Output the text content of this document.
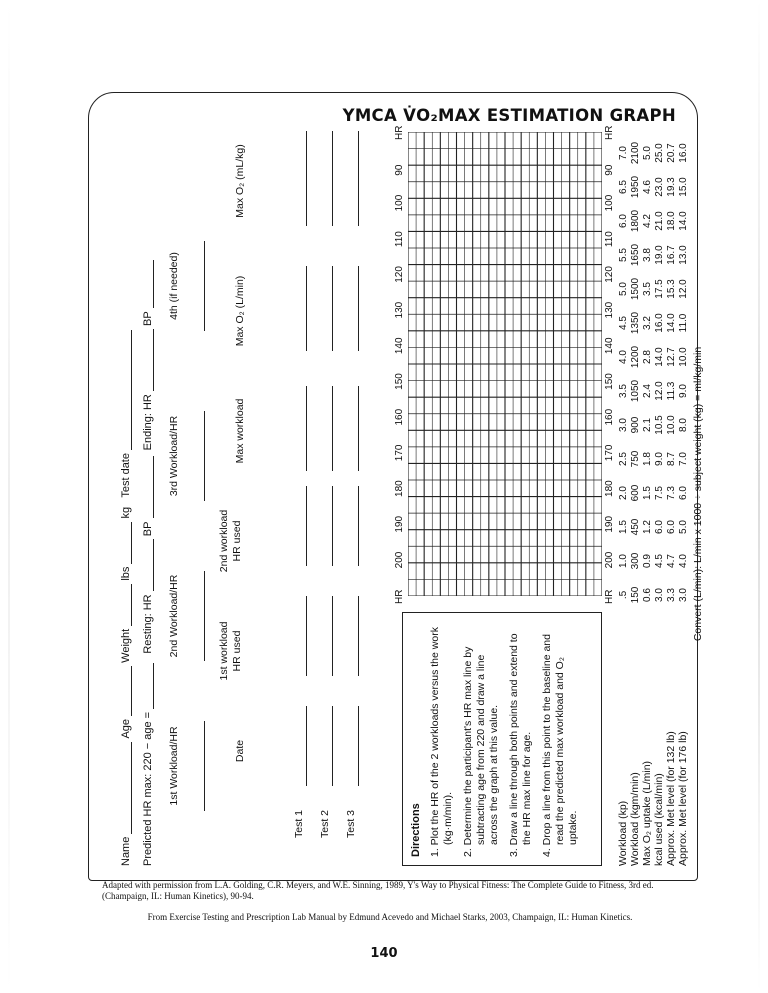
YMCA V̇O₂MAX ESTIMATION GRAPH
Name  Age  Weight  lbs  kg   Test date
Predicted HR max: 220 − age =    Resting: HR  BP   Ending: HR  BP
1st Workload/HR
2nd Workload/HR
3rd Workload/HR
4th (if needed)
Date
1st workload HR used
2nd workload HR used
Max workload
Max O₂ (L/min)
Max O₂ (mL/kg)
Test 1 Test 2 Test 3	Directions 1. Plot the HR of the 2 workloads versus the work (kg·m/min). 2. Determine the participant's HR max line by subtracting age from 220 and draw a line across the graph at this value. 3. Draw a line through both points and extend to the HR max line for age. 4. Drop a line from this point to the baseline and read the predicted max workload and O₂ uptake.
HR
200
190
180
170
160
150
140
130
120
110
100
90
HR
HR
200
190
180
170
160
150
140
130
120
110
100
90
HR
Workload (kp) Workload (kgm/min) Max O₂ uptake (L/min) kcal used (kcal/min) Approx. Met level (for 132 lb) Approx. Met level (for 176 lb)
.5
1.0
1.5
2.0
2.5
3.0
3.5
4.0
4.5
5.0
5.5
6.0
6.5
7.0
150
300
450
600
750
900
1050
1200
1350
1500
1650
1800
1950
2100
0.6
0.9
1.2
1.5
1.8
2.1
2.4
2.8
3.2
3.5
3.8
4.2
4.6
5.0
3.0
4.5
6.0
7.5
9.0
10.5
12.0
14.0
16.0
17.5
19.0
21.0
23.0
25.0
3.3
4.7
6.0
7.3
8.7
10.0
11.3
12.7
14.0
15.3
16.7
18.0
19.3
20.7
3.0
4.0
5.0
6.0
7.0
8.0
9.0
10.0
11.0
12.0
13.0
14.0
15.0
16.0
Convert (L/min): L/min x 1000 ÷ subject weight (kg) = ml/kg/min
Adapted with permission from L.A. Golding, C.R. Meyers, and W.E. Sinning, 1989, Y's Way to Physical Fitness: The Complete Guide to Fitness, 3rd ed. (Champaign, IL: Human Kinetics), 90-94.
From Exercise Testing and Prescription Lab Manual by Edmund Acevedo and Michael Starks, 2003, Champaign, IL: Human Kinetics.
140
